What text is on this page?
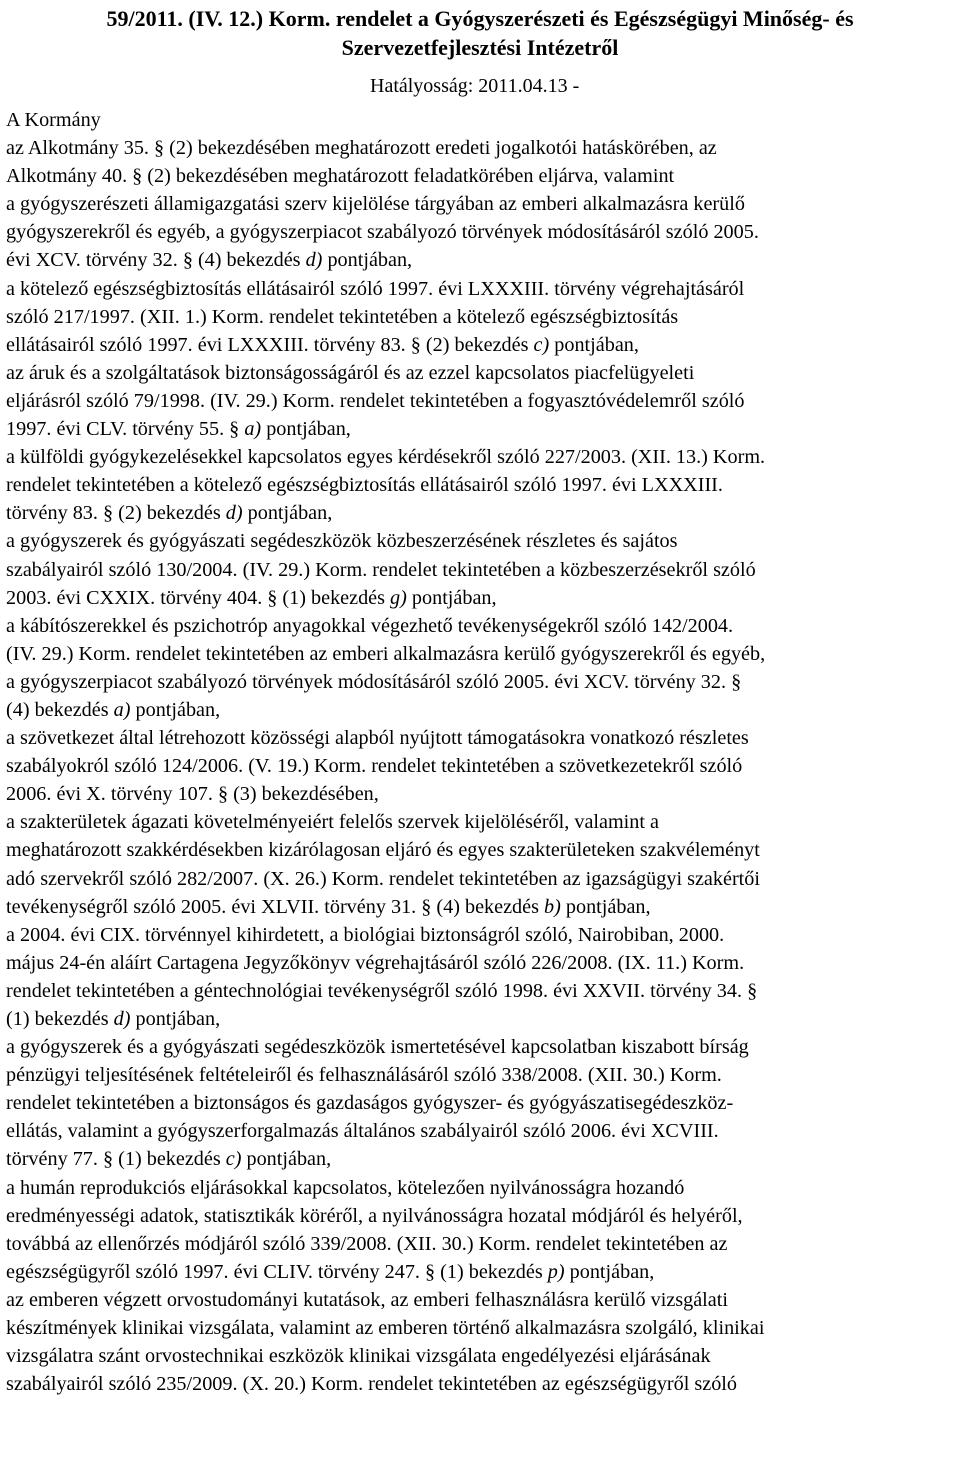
59/2011. (IV. 12.) Korm. rendelet a Gyógyszerészeti és Egészségügyi Minőség- és
Szervezetfejlesztési Intézetről
Hatályosság: 2011.04.13 -
A Kormány
az Alkotmány 35. § (2) bekezdésében meghatározott eredeti jogalkotói hatáskörében, az
Alkotmány 40. § (2) bekezdésében meghatározott feladatkörében eljárva, valamint
a gyógyszerészeti államigazgatási szerv kijelölése tárgyában az emberi alkalmazásra kerülő
gyógyszerekről és egyéb, a gyógyszerpiacot szabályozó törvények módosításáról szóló 2005.
évi XCV. törvény 32. § (4) bekezdés d) pontjában,
a kötelező egészségbiztosítás ellátásairól szóló 1997. évi LXXXIII. törvény végrehajtásáról
szóló 217/1997. (XII. 1.) Korm. rendelet tekintetében a kötelező egészségbiztosítás
ellátásairól szóló 1997. évi LXXXIII. törvény 83. § (2) bekezdés c) pontjában,
az áruk és a szolgáltatások biztonságosságáról és az ezzel kapcsolatos piacfelügyeleti
eljárásról szóló 79/1998. (IV. 29.) Korm. rendelet tekintetében a fogyasztóvédelemről szóló
1997. évi CLV. törvény 55. § a) pontjában,
a külföldi gyógykezelésekkel kapcsolatos egyes kérdésekről szóló 227/2003. (XII. 13.) Korm.
rendelet tekintetében a kötelező egészségbiztosítás ellátásairól szóló 1997. évi LXXXIII.
törvény 83. § (2) bekezdés d) pontjában,
a gyógyszerek és gyógyászati segédeszközök közbeszerzésének részletes és sajátos
szabályairól szóló 130/2004. (IV. 29.) Korm. rendelet tekintetében a közbeszerzésekről szóló
2003. évi CXXIX. törvény 404. § (1) bekezdés g) pontjában,
a kábítószerekkel és pszichotróp anyagokkal végezhető tevékenységekről szóló 142/2004.
(IV. 29.) Korm. rendelet tekintetében az emberi alkalmazásra kerülő gyógyszerekről és egyéb,
a gyógyszerpiacot szabályozó törvények módosításáról szóló 2005. évi XCV. törvény 32. §
(4) bekezdés a) pontjában,
a szövetkezet által létrehozott közösségi alapból nyújtott támogatásokra vonatkozó részletes
szabályokról szóló 124/2006. (V. 19.) Korm. rendelet tekintetében a szövetkezetekről szóló
2006. évi X. törvény 107. § (3) bekezdésében,
a szakterületek ágazati követelményeiért felelős szervek kijelöléséről, valamint a
meghatározott szakkérdésekben kizárólagosan eljáró és egyes szakterületeken szakvéleményt
adó szervekről szóló 282/2007. (X. 26.) Korm. rendelet tekintetében az igazságügyi szakértői
tevékenységről szóló 2005. évi XLVII. törvény 31. § (4) bekezdés b) pontjában,
a 2004. évi CIX. törvénnyel kihirdetett, a biológiai biztonságról szóló, Nairobiban, 2000.
május 24-én aláírt Cartagena Jegyzőkönyv végrehajtásáról szóló 226/2008. (IX. 11.) Korm.
rendelet tekintetében a géntechnológiai tevékenységről szóló 1998. évi XXVII. törvény 34. §
(1) bekezdés d) pontjában,
a gyógyszerek és a gyógyászati segédeszközök ismertetésével kapcsolatban kiszabott bírság
pénzügyi teljesítésének feltételeiről és felhasználásáról szóló 338/2008. (XII. 30.) Korm.
rendelet tekintetében a biztonságos és gazdaságos gyógyszer- és gyógyászatisegédeszköz-
ellátás, valamint a gyógyszerforgalmazás általános szabályairól szóló 2006. évi XCVIII.
törvény 77. § (1) bekezdés c) pontjában,
a humán reprodukciós eljárásokkal kapcsolatos, kötelezően nyilvánosságra hozandó
eredményességi adatok, statisztikák köréről, a nyilvánosságra hozatal módjáról és helyéről,
továbbá az ellenőrzés módjáról szóló 339/2008. (XII. 30.) Korm. rendelet tekintetében az
egészségügyről szóló 1997. évi CLIV. törvény 247. § (1) bekezdés p) pontjában,
az emberen végzett orvostudományi kutatások, az emberi felhasználásra kerülő vizsgálati
készítmények klinikai vizsgálata, valamint az emberen történő alkalmazásra szolgáló, klinikai
vizsgálatra szánt orvostechnikai eszközök klinikai vizsgálata engedélyezési eljárásának
szabályairól szóló 235/2009. (X. 20.) Korm. rendelet tekintetében az egészségügyről szóló
